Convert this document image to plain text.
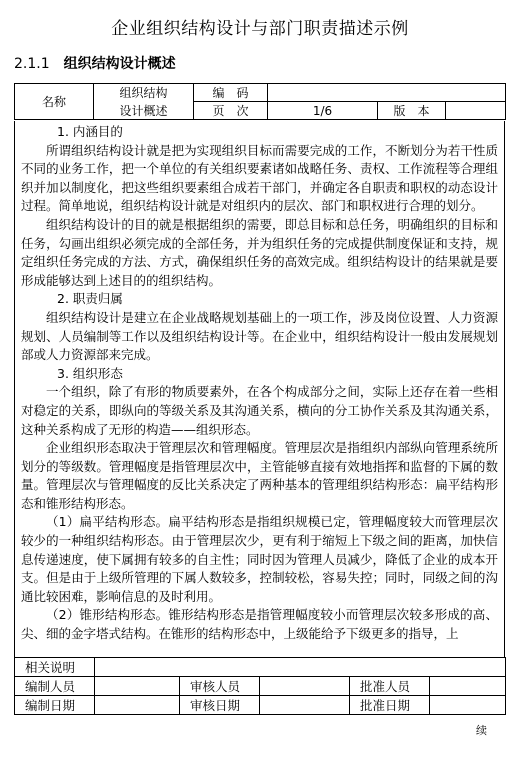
企业组织结构设计与部门职责描述示例
2.1.1 组织结构设计概述
名称	组织结构	编　码			
	设计概述	页　次	1/6	版　本	
1. 内涵目的

所谓组织结构设计就是把为实现组织目标而需要完成的工作，不断划分为若干性质不同的业务工作，把一个单位的有关组织要素诸如战略任务、责权、工作流程等合理组织并加以制度化，把这些组织要素组合成若干部门，并确定各自职责和职权的动态设计过程。简单地说，组织结构设计就是对组织内的层次、部门和职权进行合理的划分。

组织结构设计的目的就是根据组织的需要，即总目标和总任务，明确组织的目标和任务，勾画出组织必须完成的全部任务，并为组织任务的完成提供制度保证和支持，规定组织任务完成的方法、方式，确保组织任务的高效完成。组织结构设计的结果就是要形成能够达到上述目的的组织结构。

2. 职责归属

组织结构设计是建立在企业战略规划基础上的一项工作，涉及岗位设置、人力资源规划、人员编制等工作以及组织结构设计等。在企业中，组织结构设计一般由发展规划部或人力资源部来完成。

3. 组织形态

一个组织，除了有形的物质要素外，在各个构成部分之间，实际上还存在着一些相对稳定的关系，即纵向的等级关系及其沟通关系，横向的分工协作关系及其沟通关系，这种关系构成了无形的构造——组织形态。

企业组织形态取决于管理层次和管理幅度。管理层次是指组织内部纵向管理系统所划分的等级数。管理幅度是指管理层次中，主管能够直接有效地指挥和监督的下属的数量。管理层次与管理幅度的反比关系决定了两种基本的管理组织结构形态：扁平结构形态和锥形结构形态。

（1）扁平结构形态。扁平结构形态是指组织规模已定，管理幅度较大而管理层次较少的一种组织结构形态。由于管理层次少，更有利于缩短上下级之间的距离，加快信息传递速度，使下属拥有较多的自主性；同时因为管理人员减少，降低了企业的成本开支。但是由于上级所管理的下属人数较多，控制较松，容易失控；同时，同级之间的沟通比较困难，影响信息的及时利用。

（2）锥形结构形态。锥形结构形态是指管理幅度较小而管理层次较多形成的高、尖、细的金字塔式结构。在锥形的结构形态中，上级能给予下级更多的指导，上

相关说明					
编制人员		审核人员		批准人员	
编制日期		审核日期		批准日期	
续
